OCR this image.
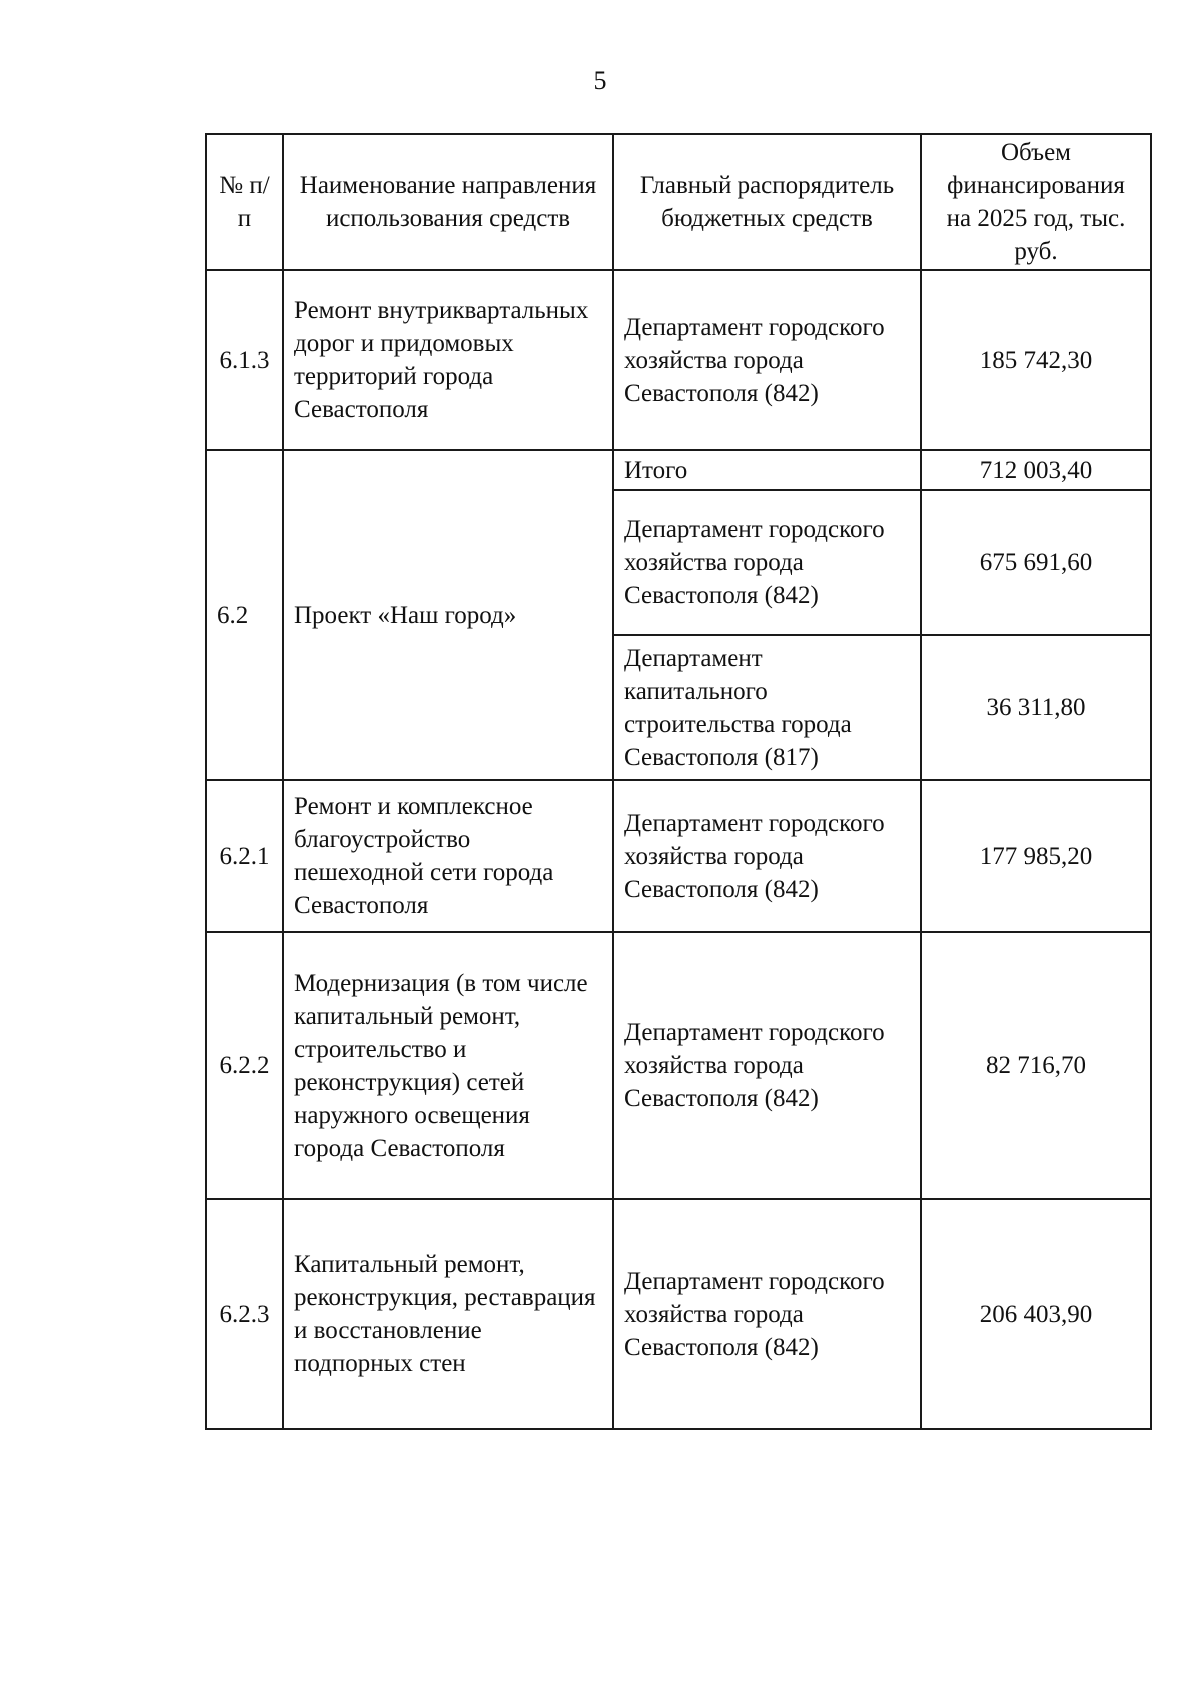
5
№ п/п	Наименование направления использования средств	Главный распорядитель бюджетных средств	Объем финансирования на 2025 год, тыс. руб.

6.1.3	Ремонт внутриквартальных дорог и придомовых территорий города Севастополя	Департамент городского хозяйства города Севастополя (842)	185 742,30
6.2	Проект «Наш город»	Итого	712 003,40
		Департамент городского хозяйства города Севастополя (842)	675 691,60
		Департамент капитального строительства города Севастополя (817)	36 311,80
6.2.1	Ремонт и комплексное благоустройство пешеходной сети города Севастополя	Департамент городского хозяйства города Севастополя (842)	177 985,20
6.2.2	Модернизация (в том числе капитальный ремонт, строительство и реконструкция) сетей наружного освещения города Севастополя	Департамент городского хозяйства города Севастополя (842)	82 716,70
6.2.3	Капитальный ремонт, реконструкция, реставрация и восстановление подпорных стен	Департамент городского хозяйства города Севастополя (842)	206 403,90
